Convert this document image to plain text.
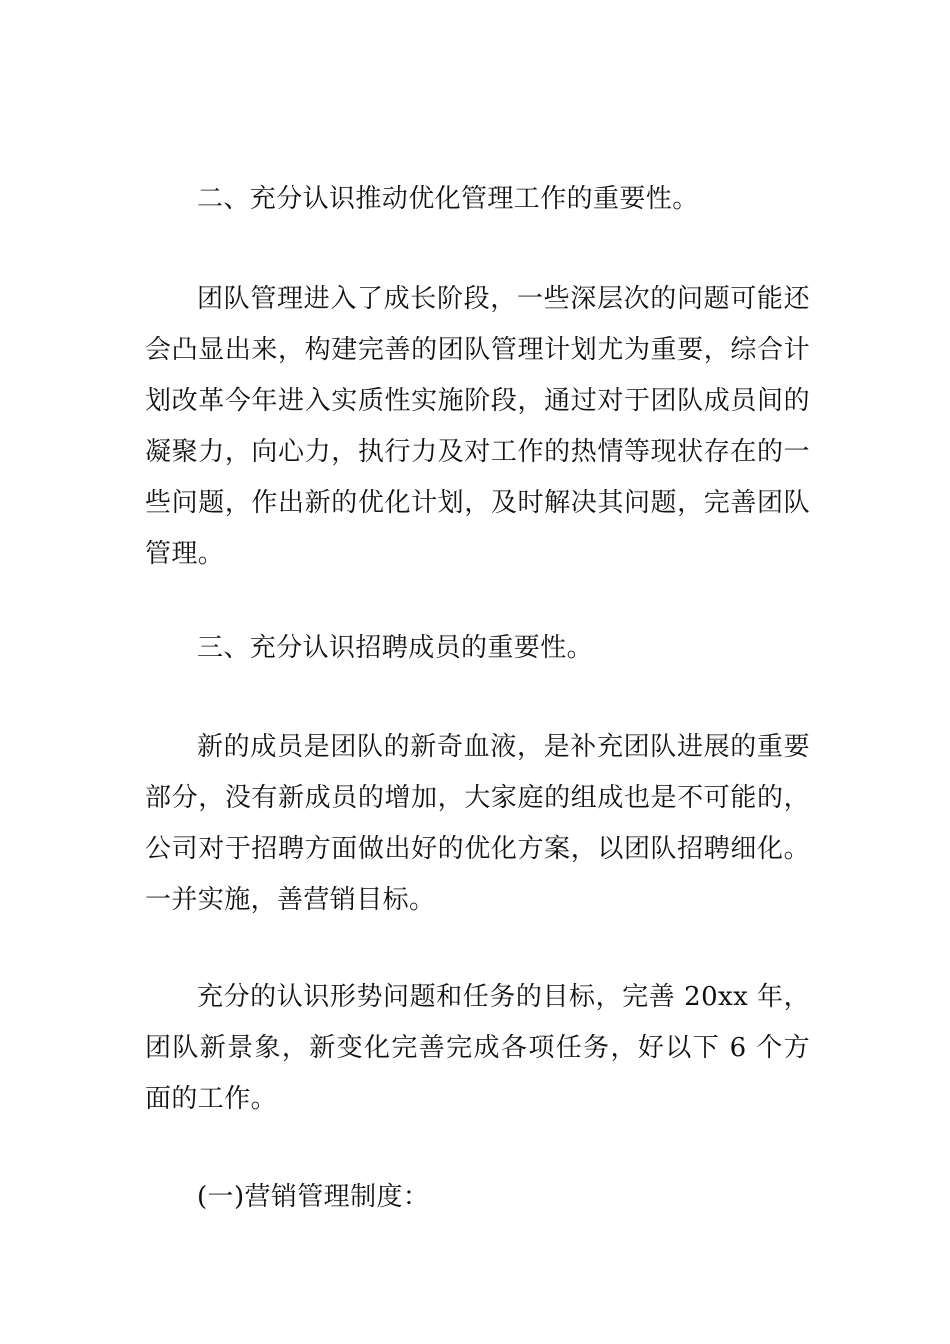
二、充分认识推动优化管理工作的重要性。

团队管理进入了成长阶段，一些深层次的问题可能还会凸显出来，构建完善的团队管理计划尤为重要，综合计划改革今年进入实质性实施阶段，通过对于团队成员间的凝聚力，向心力，执行力及对工作的热情等现状存在的一些问题，作出新的优化计划，及时解决其问题，完善团队管理。

三、充分认识招聘成员的重要性。

新的成员是团队的新奇血液，是补充团队进展的重要部分，没有新成员的增加，大家庭的组成也是不可能的，公司对于招聘方面做出好的优化方案，以团队招聘细化。一并实施，善营销目标。

充分的认识形势问题和任务的目标，完善 20xx 年，团队新景象，新变化完善完成各项任务，好以下 6 个方面的工作。

(一)营销管理制度：
